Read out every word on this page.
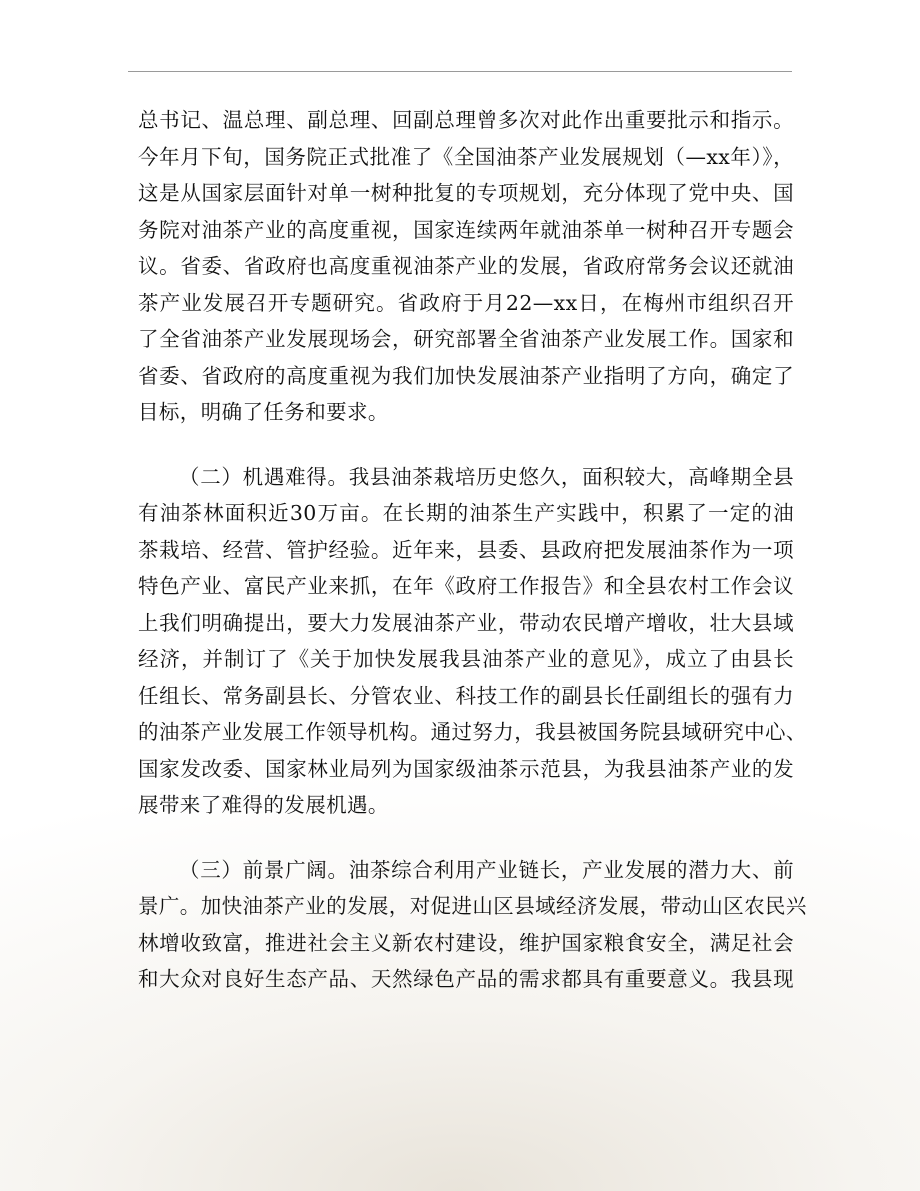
总书记、温总理、副总理、回副总理曾多次对此作出重要批示和指示。
今年月下旬，国务院正式批准了《全国油茶产业发展规划（—xx年）》，
这是从国家层面针对单一树种批复的专项规划，充分体现了党中央、国
务院对油茶产业的高度重视，国家连续两年就油茶单一树种召开专题会
议。省委、省政府也高度重视油茶产业的发展，省政府常务会议还就油
茶产业发展召开专题研究。省政府于月22—xx日，在梅州市组织召开
了全省油茶产业发展现场会，研究部署全省油茶产业发展工作。国家和
省委、省政府的高度重视为我们加快发展油茶产业指明了方向，确定了
目标，明确了任务和要求。
（二）机遇难得。我县油茶栽培历史悠久，面积较大，高峰期全县
有油茶林面积近30万亩。在长期的油茶生产实践中，积累了一定的油
茶栽培、经营、管护经验。近年来，县委、县政府把发展油茶作为一项
特色产业、富民产业来抓，在年《政府工作报告》和全县农村工作会议
上我们明确提出，要大力发展油茶产业，带动农民增产增收，壮大县域
经济，并制订了《关于加快发展我县油茶产业的意见》，成立了由县长
任组长、常务副县长、分管农业、科技工作的副县长任副组长的强有力
的油茶产业发展工作领导机构。通过努力，我县被国务院县域研究中心、
国家发改委、国家林业局列为国家级油茶示范县，为我县油茶产业的发
展带来了难得的发展机遇。
（三）前景广阔。油茶综合利用产业链长，产业发展的潜力大、前
景广。加快油茶产业的发展，对促进山区县域经济发展，带动山区农民兴
林增收致富，推进社会主义新农村建设，维护国家粮食安全，满足社会
和大众对良好生态产品、天然绿色产品的需求都具有重要意义。我县现
